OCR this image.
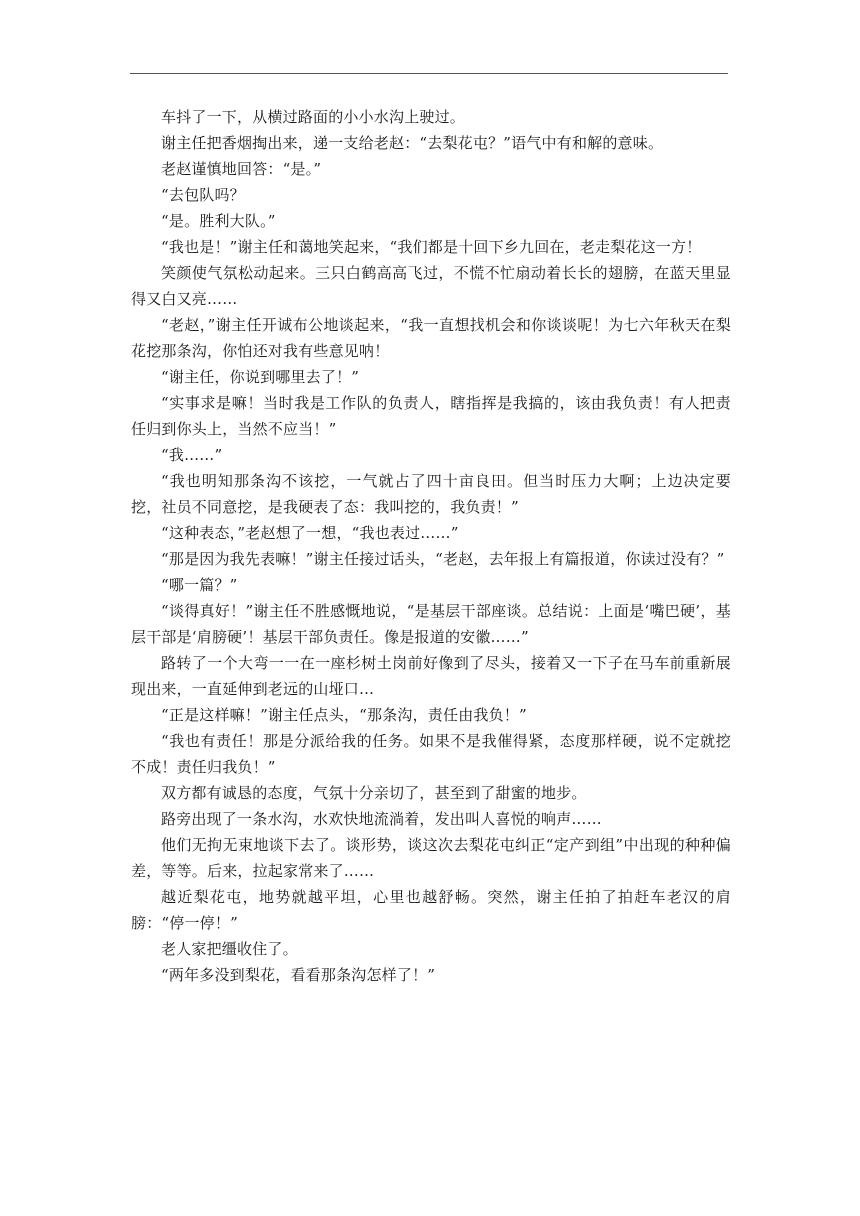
车抖了一下，从横过路面的小小水沟上驶过。

谢主任把香烟掏出来，递一支给老赵：“去梨花屯？”语气中有和解的意味。

老赵谨慎地回答：“是。”

“去包队吗？

“是。胜利大队。”

“我也是！”谢主任和蔼地笑起来，“我们都是十回下乡九回在，老走梨花这一方！

笑颜使气氛松动起来。三只白鹤高高飞过，不慌不忙扇动着长长的翅膀，在蓝天里显得又白又亮……

“老赵，”谢主任开诚布公地谈起来，“我一直想找机会和你谈谈呢！为七六年秋天在梨花挖那条沟，你怕还对我有些意见呐！

“谢主任，你说到哪里去了！”

“实事求是嘛！当时我是工作队的负责人，瞎指挥是我搞的，该由我负责！有人把责任归到你头上，当然不应当！”

“我……”

“我也明知那条沟不该挖，一气就占了四十亩良田。但当时压力大啊；上边决定要挖，社员不同意挖，是我硬表了态：我叫挖的，我负责！”

“这种表态，”老赵想了一想，“我也表过……”

“那是因为我先表嘛！”谢主任接过话头，“老赵，去年报上有篇报道，你读过没有？”

“哪一篇？”

“谈得真好！”谢主任不胜感慨地说，“是基层干部座谈。总结说：上面是‘嘴巴硬’，基层干部是‘肩膀硬’！基层干部负责任。像是报道的安徽……”

路转了一个大弯一一在一座杉树土岗前好像到了尽头，接着又一下子在马车前重新展现出来，一直延伸到老远的山垭口…

“正是这样嘛！”谢主任点头，“那条沟，责任由我负！”

“我也有责任！那是分派给我的任务。如果不是我催得紧，态度那样硬，说不定就挖不成！责任归我负！”

双方都有诚恳的态度，气氛十分亲切了，甚至到了甜蜜的地步。

路旁出现了一条水沟，水欢快地流淌着，发出叫人喜悦的响声……

他们无拘无束地谈下去了。谈形势，谈这次去梨花屯纠正“定产到组”中出现的种种偏差，等等。后来，拉起家常来了……

越近梨花屯，地势就越平坦，心里也越舒畅。突然，谢主任拍了拍赶车老汉的肩膀：“停一停！”

老人家把缰收住了。

“两年多没到梨花，看看那条沟怎样了！”
